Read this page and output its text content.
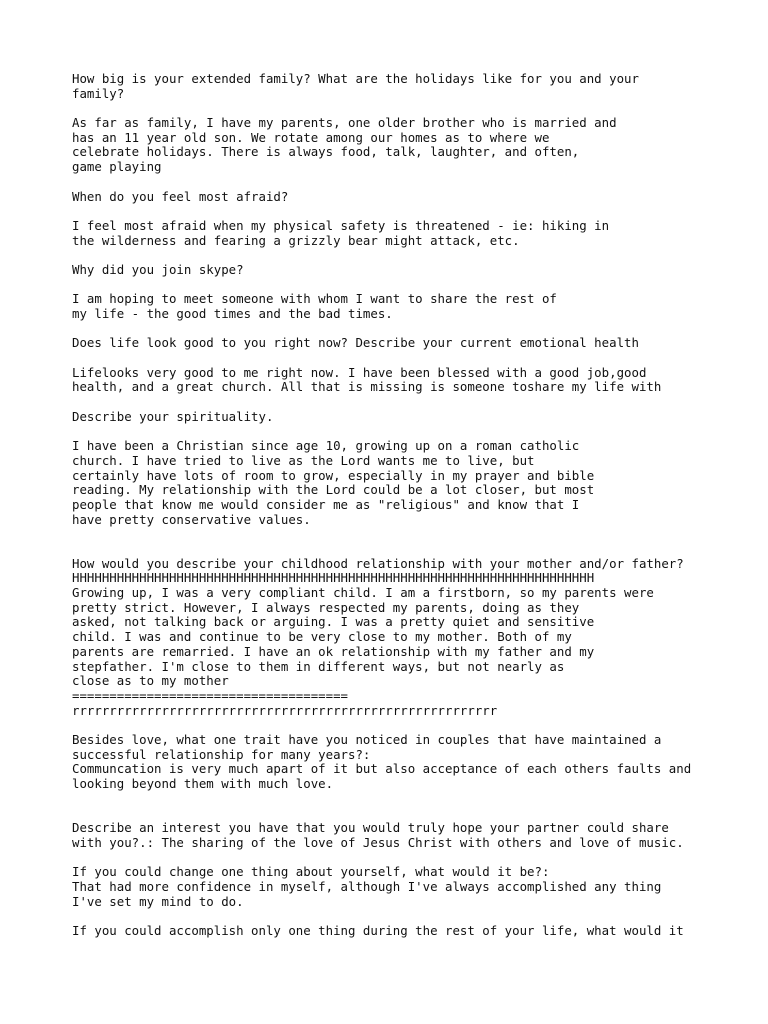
How big is your extended family? What are the holidays like for you and your
family?
As far as family, I have my parents, one older brother who is married and
has an 11 year old son. We rotate among our homes as to where we
celebrate holidays. There is always food, talk, laughter, and often,
game playing
When do you feel most afraid?
I feel most afraid when my physical safety is threatened - ie: hiking in
the wilderness and fearing a grizzly bear might attack, etc.
Why did you join skype?
I am hoping to meet someone with whom I want to share the rest of
my life - the good times and the bad times.
Does life look good to you right now? Describe your current emotional health
Lifelooks very good to me right now. I have been blessed with a good job,good
health, and a great church. All that is missing is someone toshare my life with
Describe your spirituality.
I have been a Christian since age 10, growing up on a roman catholic
church. I have tried to live as the Lord wants me to live, but
certainly have lots of room to grow, especially in my prayer and bible
reading. My relationship with the Lord could be a lot closer, but most
people that know me would consider me as "religious" and know that I
have pretty conservative values.
How would you describe your childhood relationship with your mother and/or father?
HHHHHHHHHHHHHHHHHHHHHHHHHHHHHHHHHHHHHHHHHHHHHHHHHHHHHHHHHHHHHHHHHHHHHH
Growing up, I was a very compliant child. I am a firstborn, so my parents were
pretty strict. However, I always respected my parents, doing as they
asked, not talking back or arguing. I was a pretty quiet and sensitive
child. I was and continue to be very close to my mother. Both of my
parents are remarried. I have an ok relationship with my father and my
stepfather. I'm close to them in different ways, but not nearly as
close as to my mother
=====================================
rrrrrrrrrrrrrrrrrrrrrrrrrrrrrrrrrrrrrrrrrrrrrrrrrrrrrrrrr
Besides love, what one trait have you noticed in couples that have maintained a
successful relationship for many years?:
Communcation is very much apart of it but also acceptance of each others faults and
looking beyond them with much love.
Describe an interest you have that you would truly hope your partner could share
with you?.: The sharing of the love of Jesus Christ with others and love of music.
If you could change one thing about yourself, what would it be?:
That had more confidence in myself, although I've always accomplished any thing
I've set my mind to do.
If you could accomplish only one thing during the rest of your life, what would it
